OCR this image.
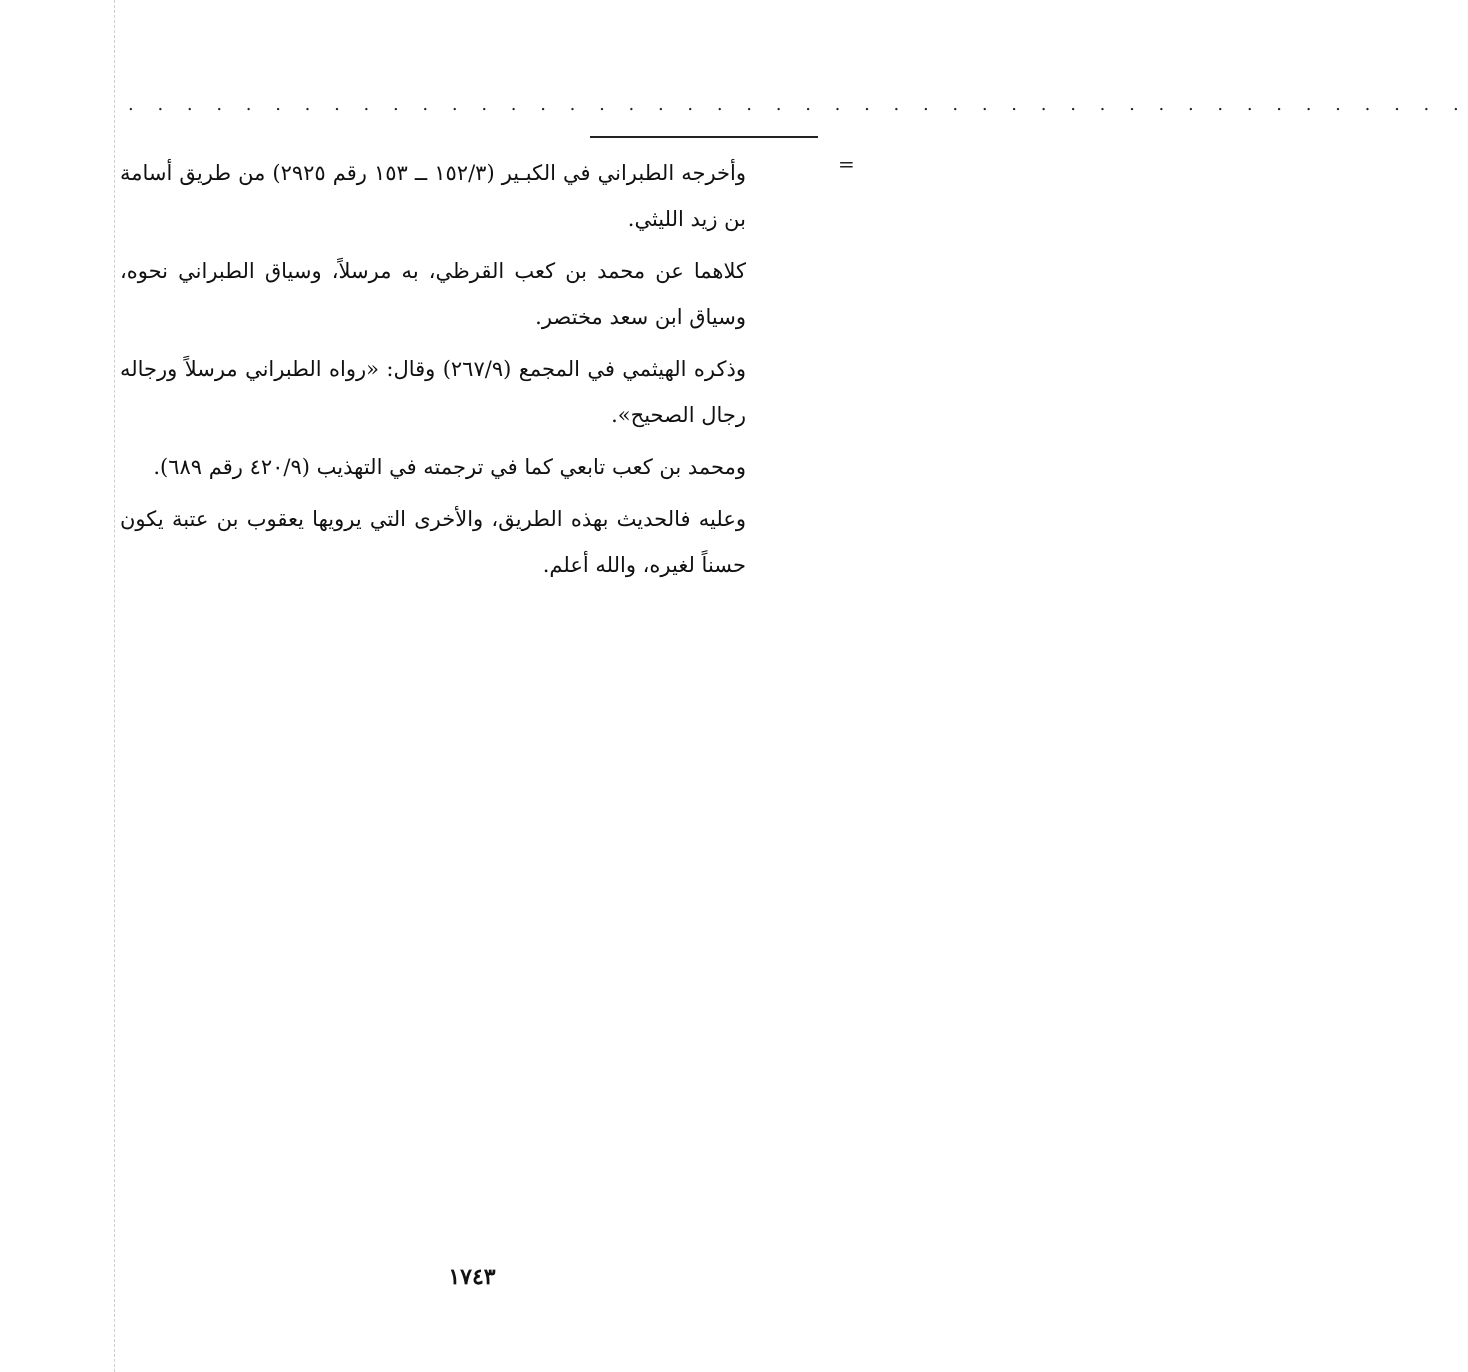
. . . . . . . . . . . . . . . . . . . . . . . . . . . . . . . . . . . . . . . . . . . . . .
=

وأخرجه الطبراني في الكبـير (١٥٢/٣ ــ ١٥٣ رقم ٢٩٢٥) من طريق أسامة بن زيد الليثي.

كلاهما عن محمد بن كعب القرظي، به مرسلاً، وسياق الطبراني نحوه، وسياق ابن سعد مختصر.

وذكره الهيثمي في المجمع (٢٦٧/٩) وقال: «رواه الطبراني مرسلاً ورجاله رجال الصحيح».

ومحمد بن كعب تابعي كما في ترجمته في التهذيب (٤٢٠/٩ رقم ٦٨٩).

وعليه فالحديث بهذه الطريق، والأخرى التي يرويها يعقوب بن عتبة يكون حسناً لغيره، والله أعلم.

١٧٤٣
